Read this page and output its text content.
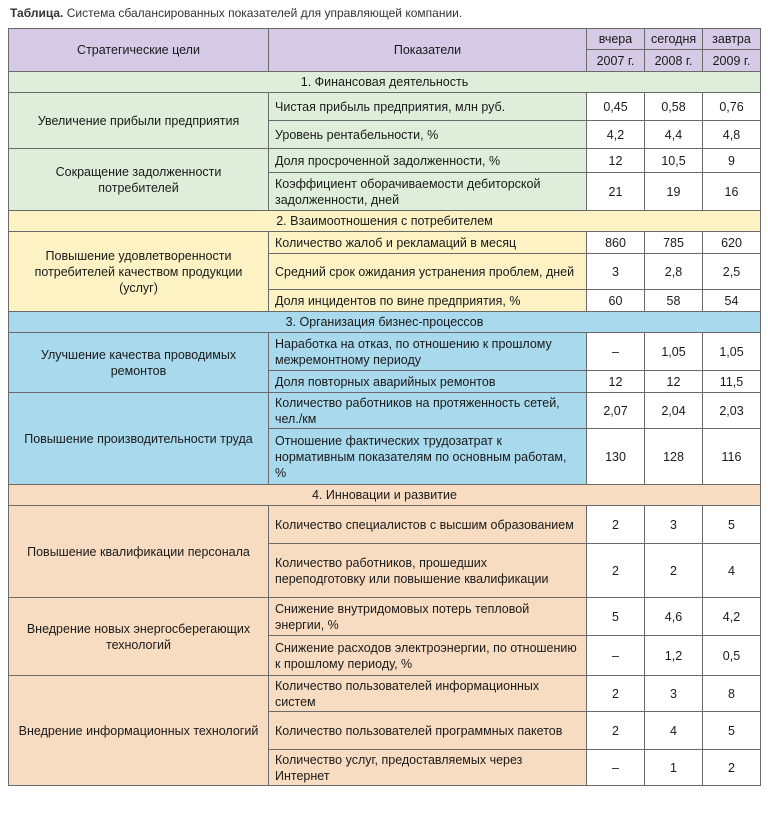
Таблица. Система сбалансированных показателей для управляющей компании.
Стратегические цели	Показатели	вчера	сегодня	завтра
		2007 г.	2008 г.	2009 г.
1. Финансовая деятельность				
Увеличение прибыли предприятия	Чистая прибыль предприятия, млн руб.	0,45	0,58	0,76
	Уровень рентабельности, %	4,2	4,4	4,8
Сокращение задолженности потребителей	Доля просроченной задолженности, %	12	10,5	9
	Коэффициент оборачиваемости дебиторской задолженности, дней	21	19	16
2. Взаимоотношения с потребителем				
Повышение удовлетворенности потребителей качеством продукции (услуг)	Количество жалоб и рекламаций в месяц	860	785	620
	Средний срок ожидания устранения проблем, дней	3	2,8	2,5
	Доля инцидентов по вине предприятия, %	60	58	54
3. Организация бизнес-процессов				
Улучшение качества проводимых ремонтов	Наработка на отказ, по отношению к прошлому межремонтному периоду	–	1,05	1,05
	Доля повторных аварийных ремонтов	12	12	11,5
Повышение производительности труда	Количество работников на протяженность сетей, чел./км	2,07	2,04	2,03
	Отношение фактических трудозатрат к нормативным показателям по основным работам, %	130	128	116
4. Инновации и развитие				
Повышение квалификации персонала	Количество специалистов с высшим образованием	2	3	5
	Количество работников, прошедших переподготовку или повышение квалификации	2	2	4
Внедрение новых энергосберегающих технологий	Снижение внутридомовых потерь тепловой энергии, %	5	4,6	4,2
	Снижение расходов электроэнергии, по отношению к прошлому периоду, %	–	1,2	0,5
Внедрение информационных технологий	Количество пользователей информационных систем	2	3	8
	Количество пользователей программных пакетов	2	4	5
	Количество услуг, предоставляемых через Интернет	–	1	2
